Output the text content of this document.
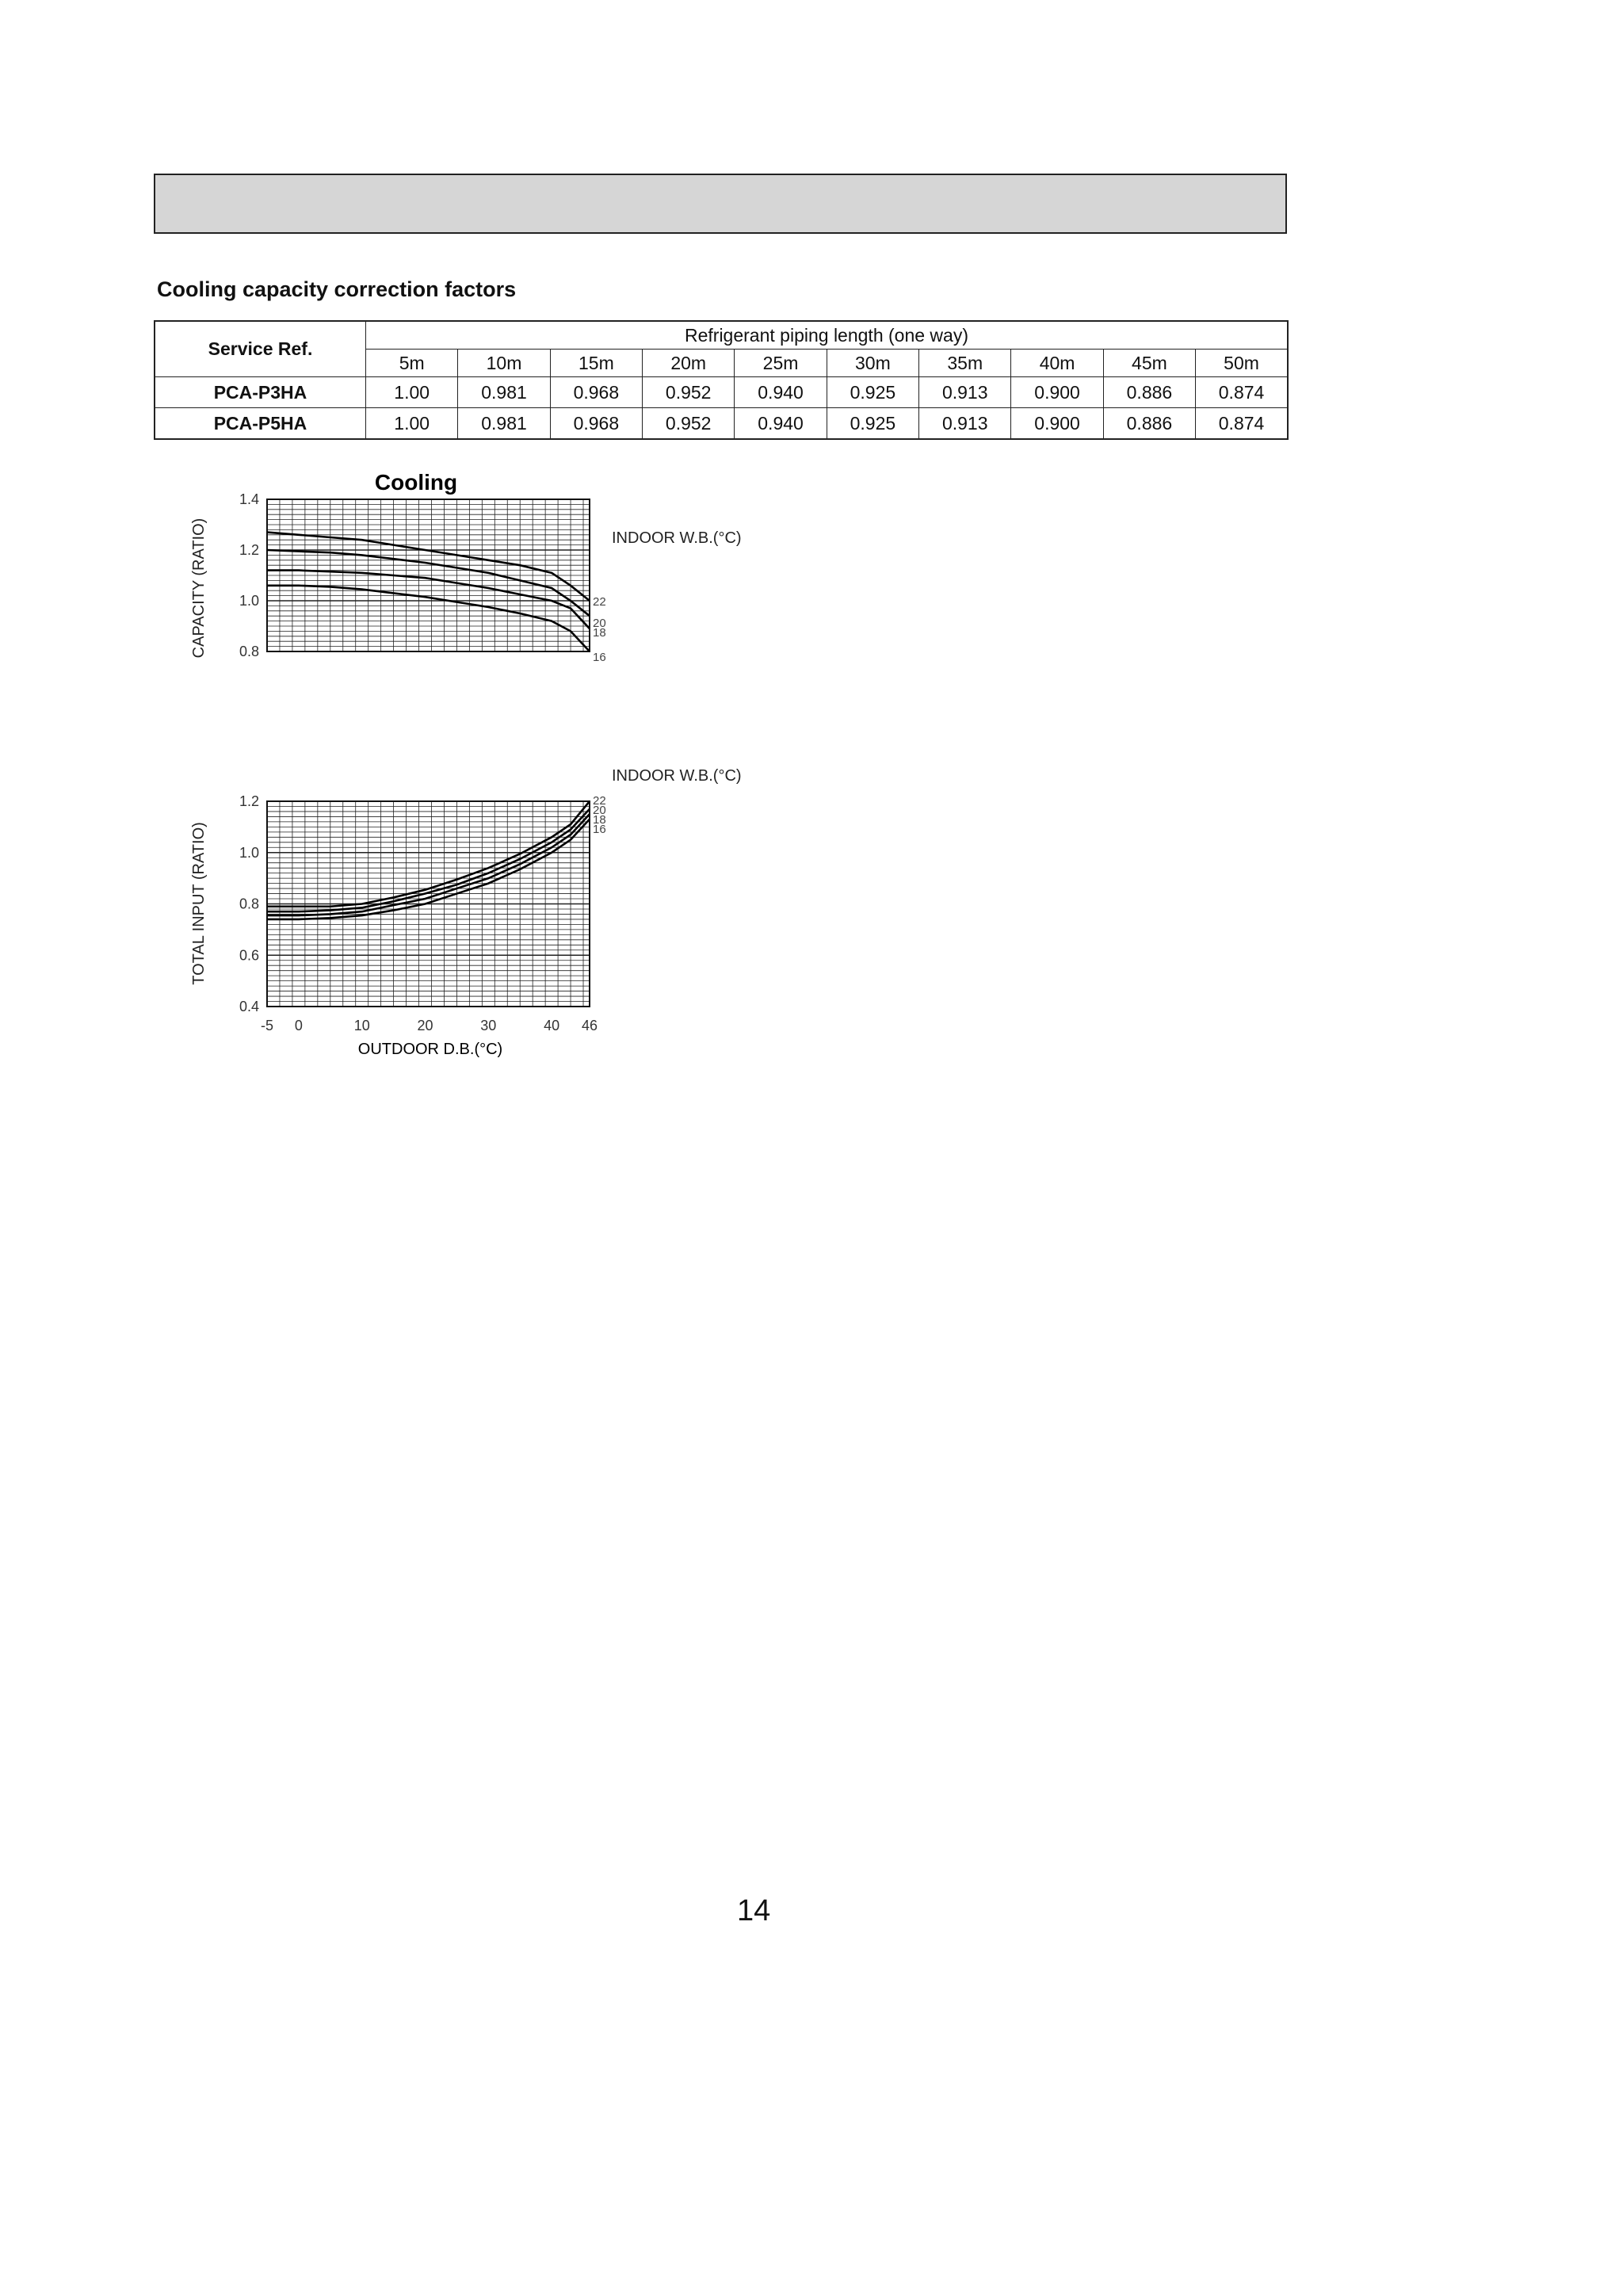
Cooling capacity correction factors
Service Ref.	Refrigerant piping length (one way)									
	5m	10m	15m	20m	25m	30m	35m	40m	45m	50m
PCA-P3HA	1.00	0.981	0.968	0.952	0.940	0.925	0.913	0.900	0.886	0.874
PCA-P5HA	1.00	0.981	0.968	0.952	0.940	0.925	0.913	0.900	0.886	0.874
Cooling
1.4
1.2
1.0
0.8
CAPACITY (RATIO)	INDOOR W.B.(°C)
22
20
18
16
1.2
1.0
0.8
0.6
0.4
TOTAL INPUT (RATIO)
INDOOR W.B.(°C)
22
20
18
16
-5 0	10	20	30	40 46
OUTDOOR D.B.(°C)
14
